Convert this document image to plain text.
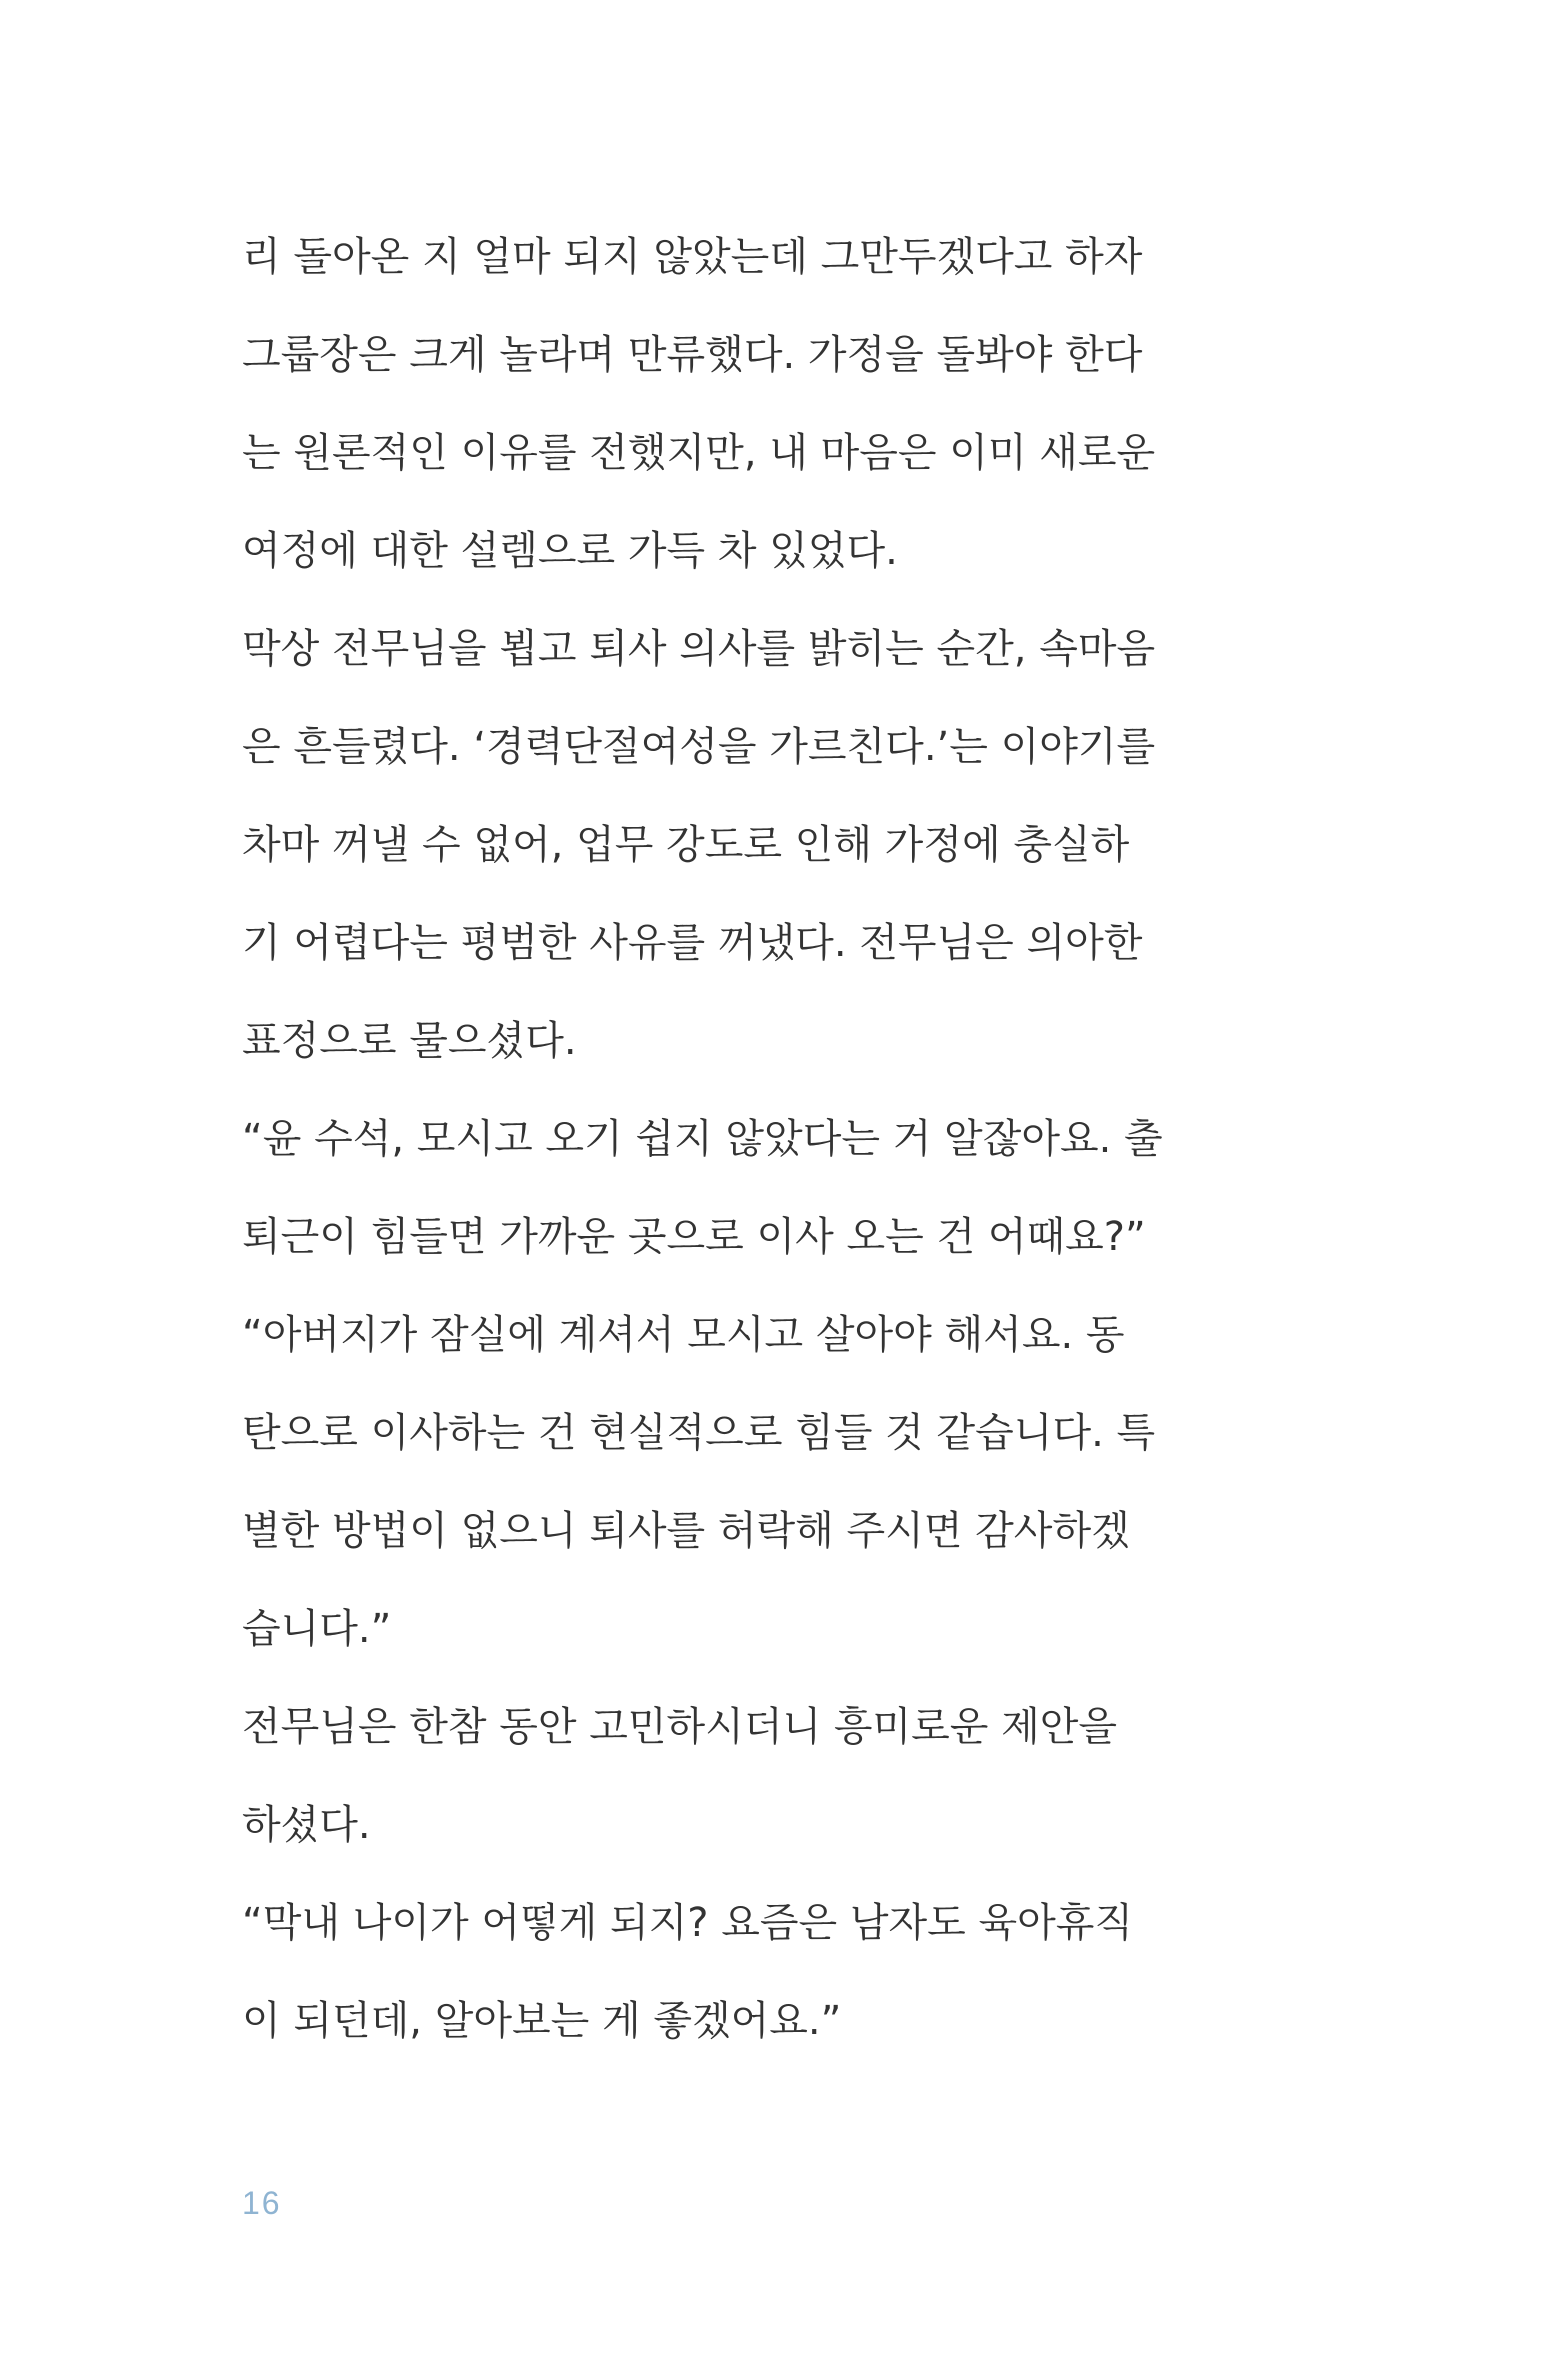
리 돌아온 지 얼마 되지 않았는데 그만두겠다고 하자
그룹장은 크게 놀라며 만류했다. 가정을 돌봐야 한다
는 원론적인 이유를 전했지만, 내 마음은 이미 새로운
여정에 대한 설렘으로 가득 차 있었다.
막상 전무님을 뵙고 퇴사 의사를 밝히는 순간, 속마음
은 흔들렸다. ‘경력단절여성을 가르친다.’는 이야기를
차마 꺼낼 수 없어, 업무 강도로 인해 가정에 충실하
기 어렵다는 평범한 사유를 꺼냈다. 전무님은 의아한
표정으로 물으셨다.
“윤 수석, 모시고 오기 쉽지 않았다는 거 알잖아요. 출
퇴근이 힘들면 가까운 곳으로 이사 오는 건 어때요?”
“아버지가 잠실에 계셔서 모시고 살아야 해서요. 동
탄으로 이사하는 건 현실적으로 힘들 것 같습니다. 특
별한 방법이 없으니 퇴사를 허락해 주시면 감사하겠
습니다.”
전무님은 한참 동안 고민하시더니 흥미로운 제안을
하셨다.
“막내 나이가 어떻게 되지? 요즘은 남자도 육아휴직
이 되던데, 알아보는 게 좋겠어요.”
16
